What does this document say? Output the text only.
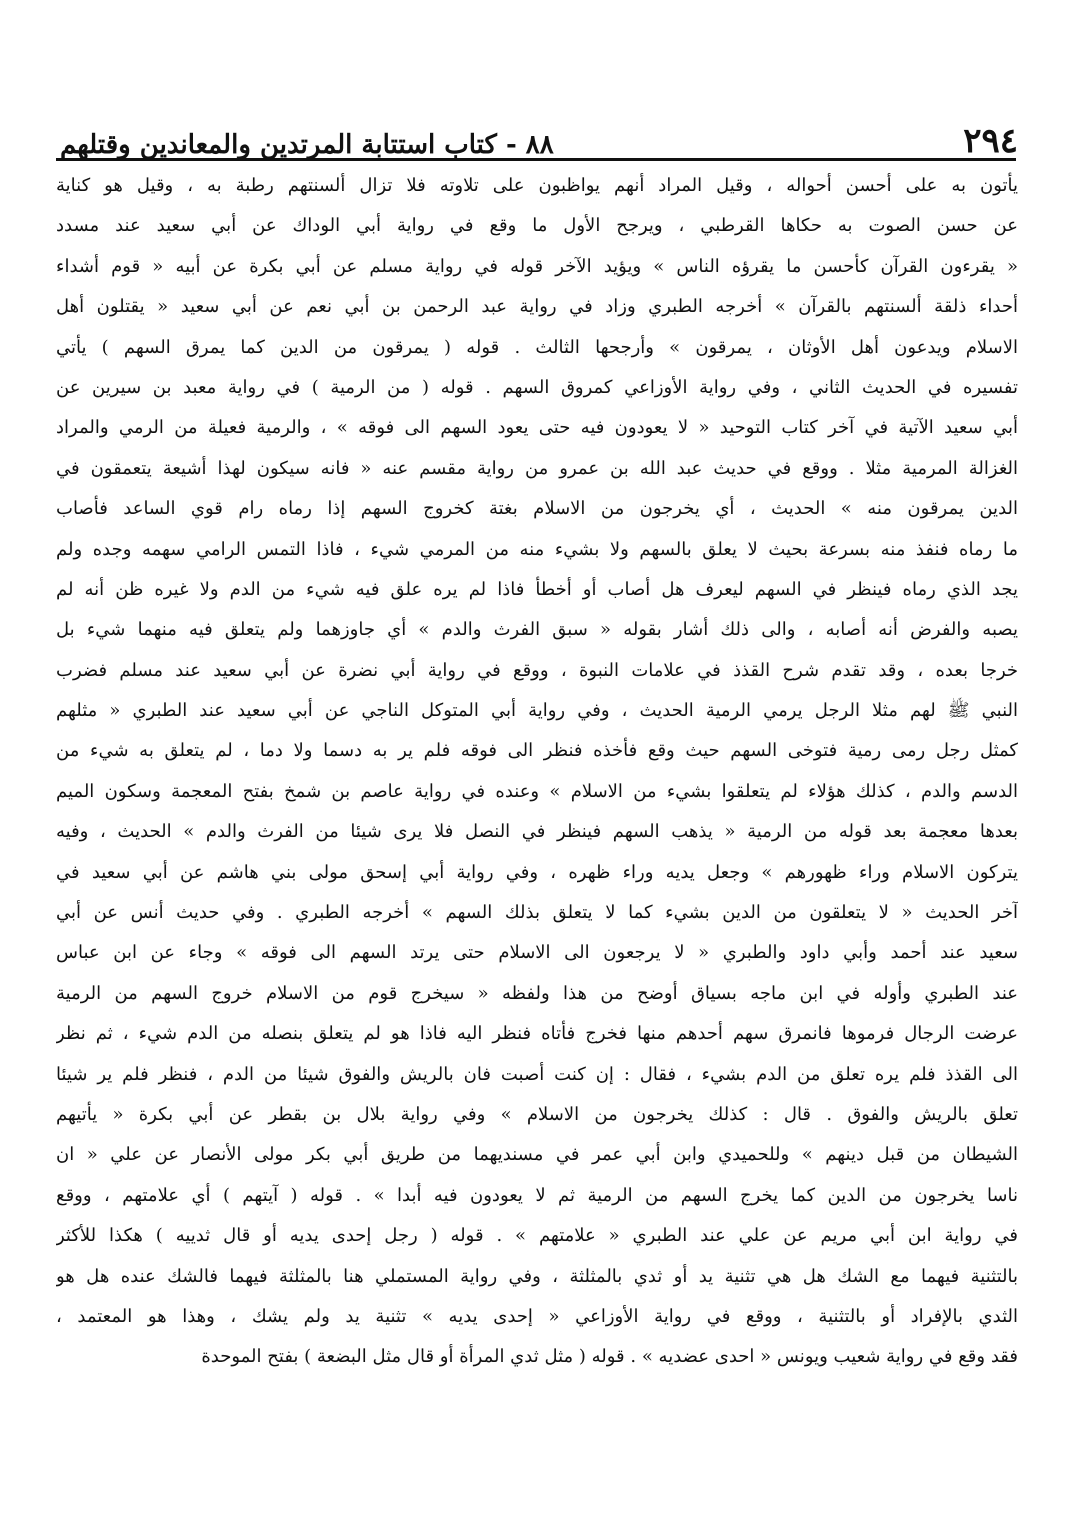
٢٩٤
٨٨ - كتاب استتابة المرتدين والمعاندين وقتلهم
يأتون به على أحسن أحواله ، وقيل المراد أنهم يواظبون على تلاوته فلا تزال ألسنتهم رطبة به ، وقيل هو كناية
عن حسن الصوت به حكاها القرطبي ، ويرجح الأول ما وقع في رواية أبي الوداك عن أبي سعيد عند مسدد
« يقرءون القرآن كأحسن ما يقرؤه الناس » ويؤيد الآخر قوله في رواية مسلم عن أبي بكرة عن أبيه « قوم أشداء
أحداء ذلقة ألسنتهم بالقرآن » أخرجه الطبري وزاد في رواية عبد الرحمن بن أبي نعم عن أبي سعيد « يقتلون أهل
الاسلام ويدعون أهل الأوثان ، يمرقون » وأرجحها الثالث . قوله ( يمرقون من الدين كما يمرق السهم ) يأتي
تفسيره في الحديث الثاني ، وفي رواية الأوزاعي كمروق السهم . قوله ( من الرمية ) في رواية معبد بن سيرين عن
أبي سعيد الآتية في آخر كتاب التوحيد « لا يعودون فيه حتى يعود السهم الى فوقه » ، والرمية فعيلة من الرمي والمراد
الغزالة المرمية مثلا . ووقع في حديث عبد الله بن عمرو من رواية مقسم عنه « فانه سيكون لهذا أشيعة يتعمقون في
الدين يمرقون منه » الحديث ، أي يخرجون من الاسلام بغتة كخروج السهم إذا رماه رام قوي الساعد فأصاب
ما رماه فنفذ منه بسرعة بحيث لا يعلق بالسهم ولا بشيء منه من المرمي شيء ، فاذا التمس الرامي سهمه وجده ولم
يجد الذي رماه فينظر في السهم ليعرف هل أصاب أو أخطأ فاذا لم يره علق فيه شيء من الدم ولا غيره ظن أنه لم
يصبه والفرض أنه أصابه ، والى ذلك أشار بقوله « سبق الفرث والدم » أي جاوزهما ولم يتعلق فيه منهما شيء بل
خرجا بعده ، وقد تقدم شرح القذذ في علامات النبوة ، ووقع في رواية أبي نضرة عن أبي سعيد عند مسلم فضرب
النبي ﷺ لهم مثلا الرجل يرمي الرمية الحديث ، وفي رواية أبي المتوكل الناجي عن أبي سعيد عند الطبري « مثلهم
كمثل رجل رمى رمية فتوخى السهم حيث وقع فأخذه فنظر الى فوقه فلم ير به دسما ولا دما ، لم يتعلق به شيء من
الدسم والدم ، كذلك هؤلاء لم يتعلقوا بشيء من الاسلام » وعنده في رواية عاصم بن شمخ بفتح المعجمة وسكون الميم
بعدها معجمة بعد قوله من الرمية « يذهب السهم فينظر في النصل فلا يرى شيئا من الفرث والدم » الحديث ، وفيه
يتركون الاسلام وراء ظهورهم » وجعل يديه وراء ظهره ، وفي رواية أبي إسحق مولى بني هاشم عن أبي سعيد في
آخر الحديث « لا يتعلقون من الدين بشيء كما لا يتعلق بذلك السهم » أخرجه الطبري . وفي حديث أنس عن أبي
سعيد عند أحمد وأبي داود والطبري « لا يرجعون الى الاسلام حتى يرتد السهم الى فوقه » وجاء عن ابن عباس
عند الطبري وأوله في ابن ماجه بسياق أوضح من هذا ولفظه « سيخرج قوم من الاسلام خروج السهم من الرمية
عرضت الرجال فرموها فانمرق سهم أحدهم منها فخرج فأتاه فنظر اليه فاذا هو لم يتعلق بنصله من الدم شيء ، ثم نظر
الى القذذ فلم يره تعلق من الدم بشيء ، فقال : إن كنت أصبت فان بالريش والفوق شيئا من الدم ، فنظر فلم ير شيئا
تعلق بالريش والفوق . قال : كذلك يخرجون من الاسلام » وفي رواية بلال بن بقطر عن أبي بكرة « يأتيهم
الشيطان من قبل دينهم » وللحميدي وابن أبي عمر في مسنديهما من طريق أبي بكر مولى الأنصار عن علي « ان
ناسا يخرجون من الدين كما يخرج السهم من الرمية ثم لا يعودون فيه أبدا » . قوله ( آيتهم ) أي علامتهم ، ووقع
في رواية ابن أبي مريم عن علي عند الطبري « علامتهم » . قوله ( رجل إحدى يديه أو قال ثدييه ) هكذا للأكثر
بالتثنية فيهما مع الشك هل هي تثنية يد أو ثدي بالمثلثة ، وفي رواية المستملي هنا بالمثلثة فيهما فالشك عنده هل هو
الثدي بالإفراد أو بالتثنية ، ووقع في رواية الأوزاعي « إحدى يديه » تثنية يد ولم يشك ، وهذا هو المعتمد ،
فقد وقع في رواية شعيب ويونس « احدى عضديه » . قوله ( مثل ثدي المرأة أو قال مثل البضعة ) بفتح الموحدة
